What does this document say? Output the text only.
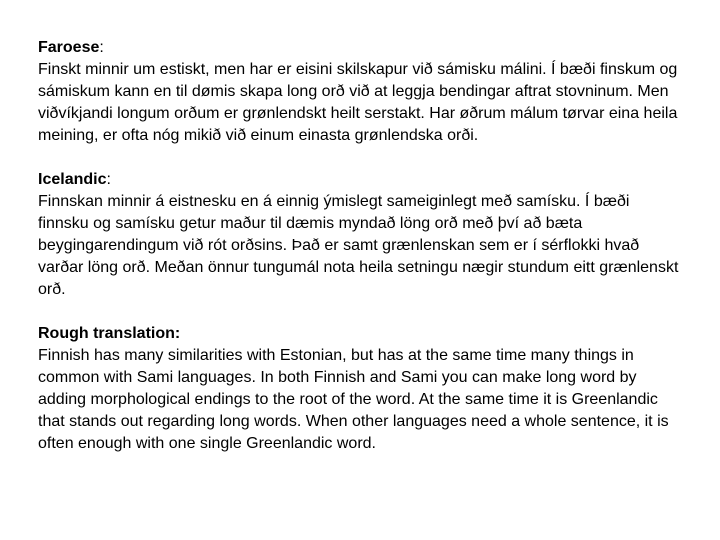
Faroese:
Finskt minnir um estiskt, men har er eisini skilskapur við sámisku málini. Í bæði finskum og sámiskum kann en til dømis skapa long orð við at leggja bendingar aftrat stovninum. Men viðvíkjandi longum orðum er grønlendskt heilt serstakt. Har øðrum málum tørvar eina heila meining, er ofta nóg mikið við einum einasta grønlendska orði.
Icelandic:
Finnskan minnir á eistnesku en á einnig ýmislegt sameiginlegt með samísku. Í bæði finnsku og samísku getur maður til dæmis myndað löng orð með því að bæta beygingarendingum við rót orðsins. Það er samt grænlenskan sem er í sérflokki hvað varðar löng orð. Meðan önnur tungumál nota heila setningu nægir stundum eitt grænlenskt orð.
Rough translation:
Finnish has many similarities with Estonian, but has at the same time many things in common with Sami languages. In both Finnish and Sami you can make long word by adding morphological endings to the root of the word. At the same time it is Greenlandic that stands out regarding long words. When other languages need a whole sentence, it is often enough with one single Greenlandic word.
